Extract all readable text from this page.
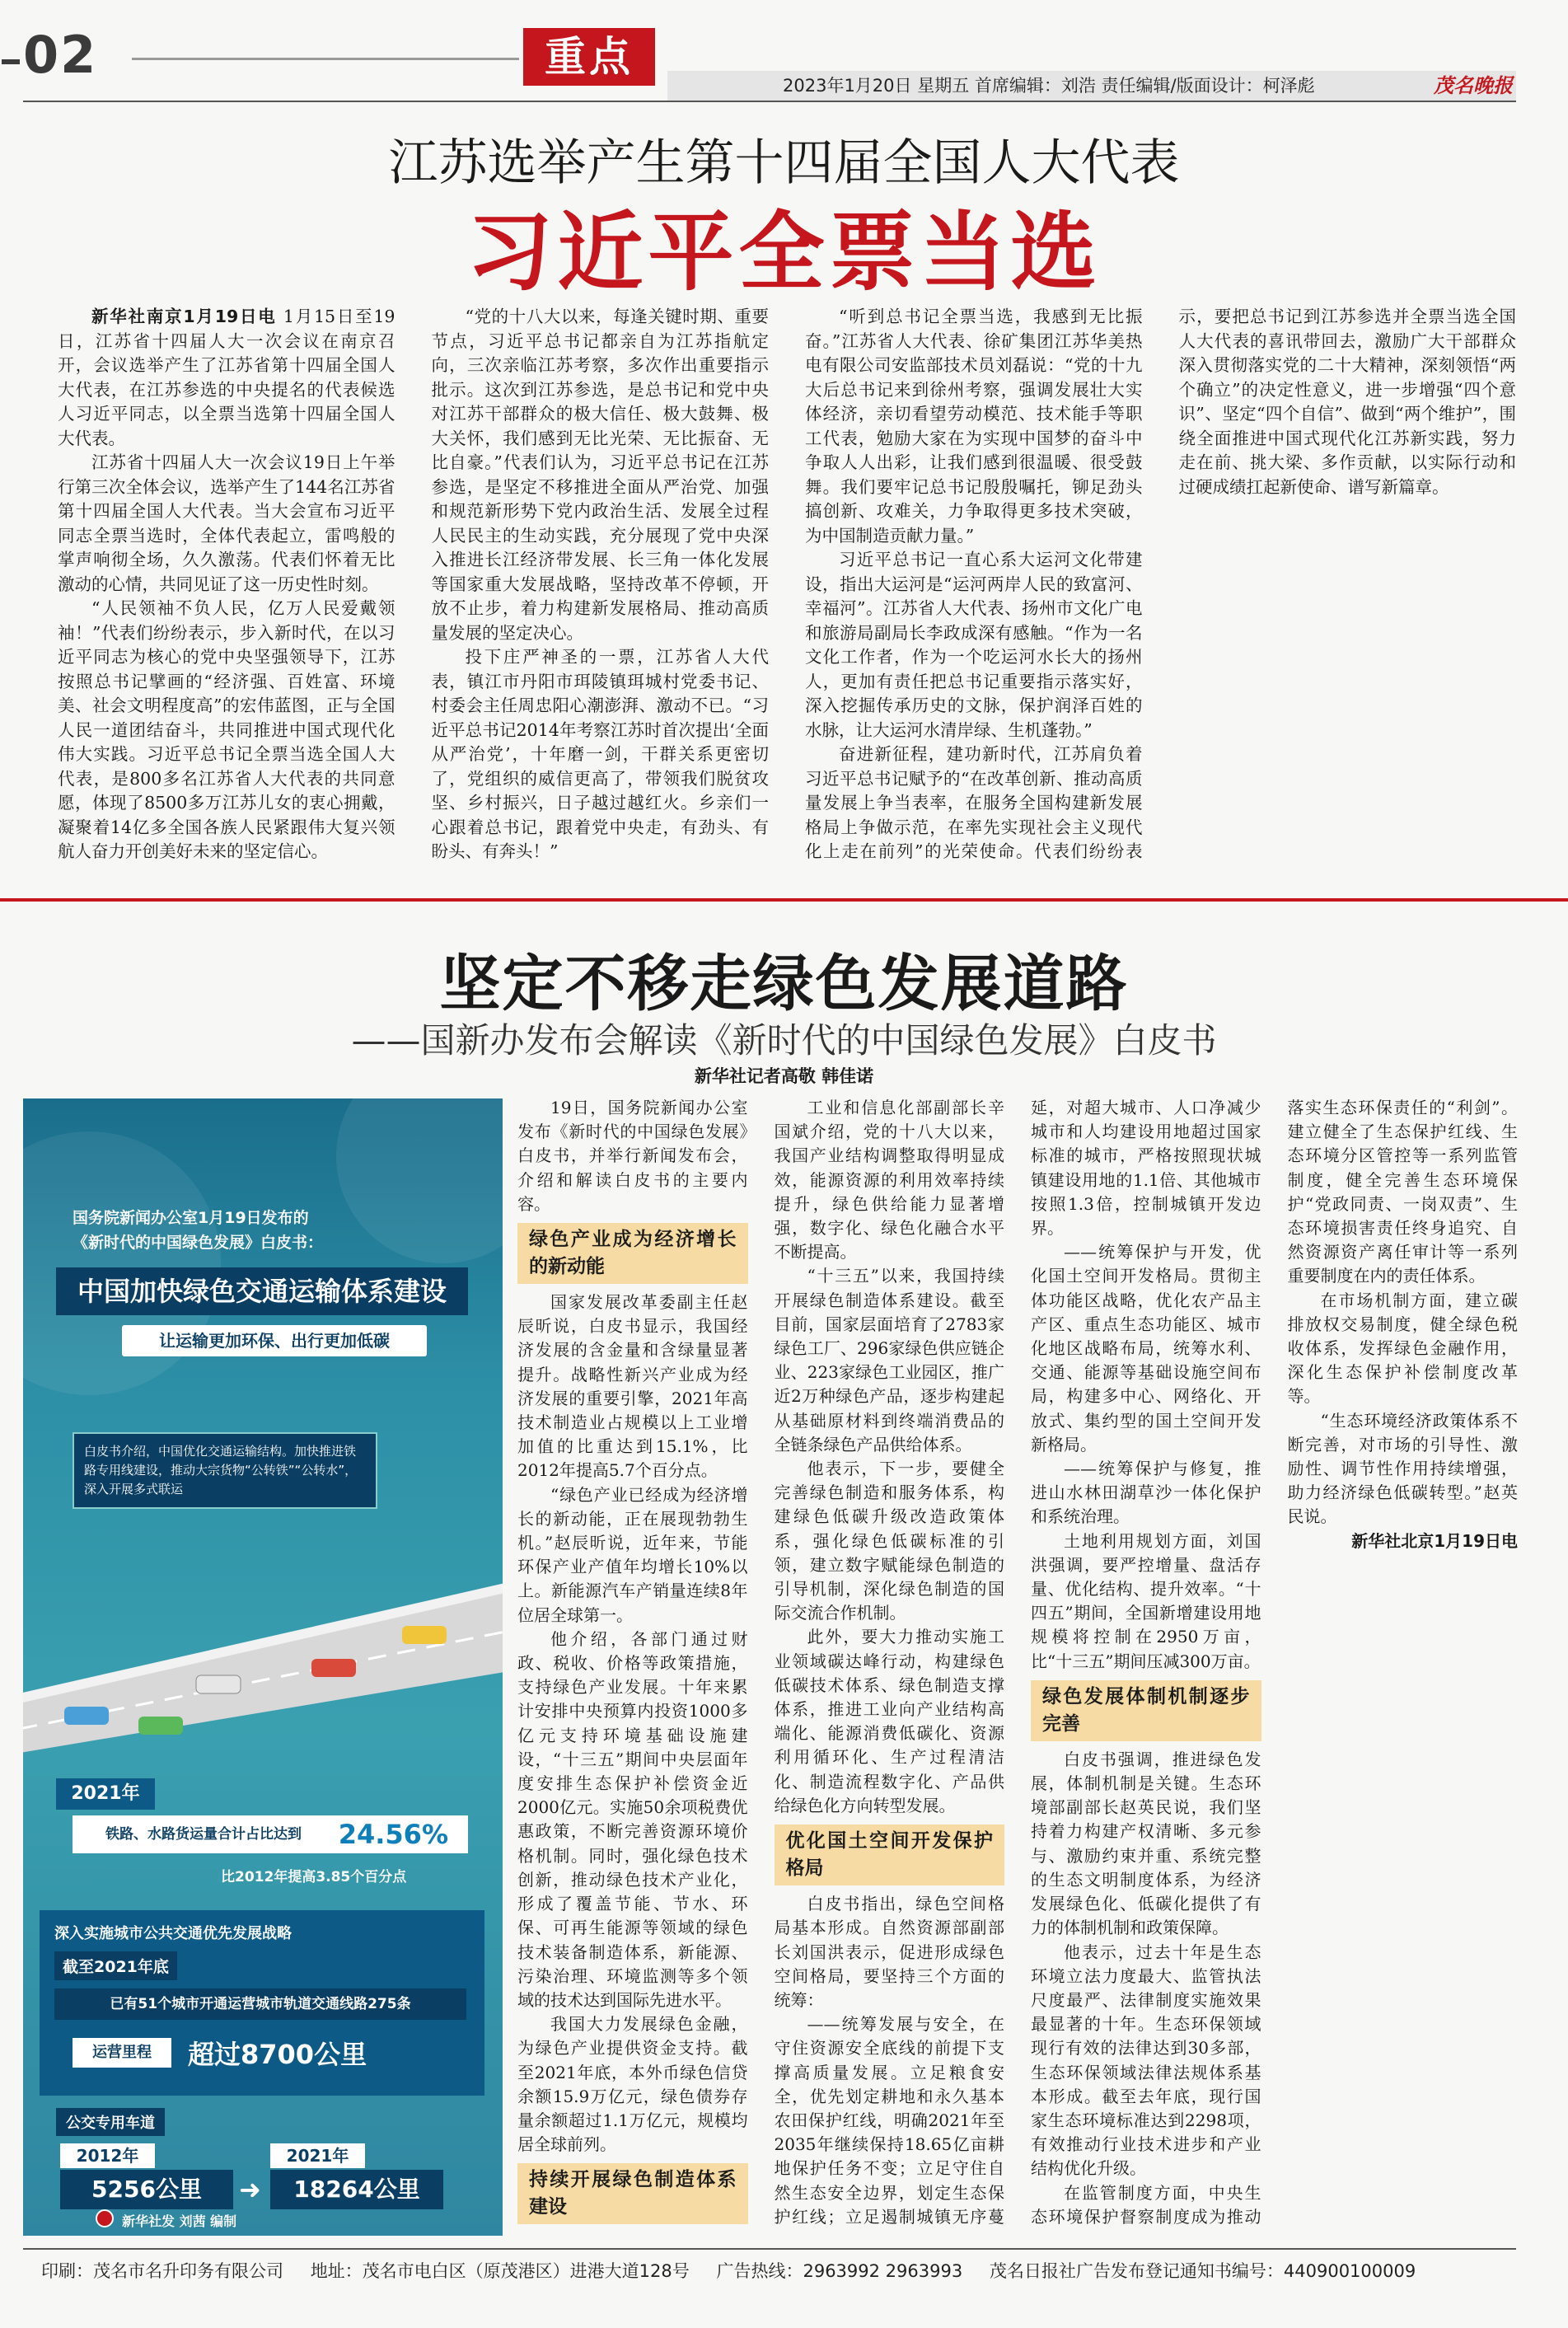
02	重点
2023年1月20日 星期五 首席编辑：刘浩 责任编辑/版面设计：柯泽彪	茂名晚报
江苏选举产生第十四届全国人大代表
习近平全票当选

新华社南京1月19日电 1月15日至19日，江苏省十四届人大一次会议在南京召开，会议选举产生了江苏省第十四届全国人大代表，在江苏参选的中央提名的代表候选人习近平同志，以全票当选第十四届全国人大代表。

江苏省十四届人大一次会议19日上午举行第三次全体会议，选举产生了144名江苏省第十四届全国人大代表。当大会宣布习近平同志全票当选时，全体代表起立，雷鸣般的掌声响彻全场，久久激荡。代表们怀着无比激动的心情，共同见证了这一历史性时刻。

“人民领袖不负人民，亿万人民爱戴领袖！”代表们纷纷表示，步入新时代，在以习近平同志为核心的党中央坚强领导下，江苏按照总书记擘画的“经济强、百姓富、环境美、社会文明程度高”的宏伟蓝图，正与全国人民一道团结奋斗，共同推进中国式现代化伟大实践。习近平总书记全票当选全国人大代表，是800多名江苏省人大代表的共同意愿，体现了8500多万江苏儿女的衷心拥戴，凝聚着14亿多全国各族人民紧跟伟大复兴领航人奋力开创美好未来的坚定信心。

“党的十八大以来，每逢关键时期、重要节点，习近平总书记都亲自为江苏指航定向，三次亲临江苏考察，多次作出重要指示批示。这次到江苏参选，是总书记和党中央对江苏干部群众的极大信任、极大鼓舞、极大关怀，我们感到无比光荣、无比振奋、无比自豪。”代表们认为，习近平总书记在江苏参选，是坚定不移推进全面从严治党、加强和规范新形势下党内政治生活、发展全过程人民民主的生动实践，充分展现了党中央深入推进长江经济带发展、长三角一体化发展等国家重大发展战略，坚持改革不停顿，开放不止步，着力构建新发展格局、推动高质量发展的坚定决心。

投下庄严神圣的一票，江苏省人大代表，镇江市丹阳市珥陵镇珥城村党委书记、村委会主任周忠阳心潮澎湃、激动不已。“习近平总书记2014年考察江苏时首次提出‘全面从严治党’，十年磨一剑，干群关系更密切了，党组织的威信更高了，带领我们脱贫攻坚、乡村振兴，日子越过越红火。乡亲们一心跟着总书记，跟着党中央走，有劲头、有盼头、有奔头！”

“听到总书记全票当选，我感到无比振奋。”江苏省人大代表、徐矿集团江苏华美热电有限公司安监部技术员刘磊说：“党的十九大后总书记来到徐州考察，强调发展壮大实体经济，亲切看望劳动模范、技术能手等职工代表，勉励大家在为实现中国梦的奋斗中争取人人出彩，让我们感到很温暖、很受鼓舞。我们要牢记总书记殷殷嘱托，铆足劲头搞创新、攻难关，力争取得更多技术突破，为中国制造贡献力量。”

习近平总书记一直心系大运河文化带建设，指出大运河是“运河两岸人民的致富河、幸福河”。江苏省人大代表、扬州市文化广电和旅游局副局长李政成深有感触。“作为一名文化工作者，作为一个吃运河水长大的扬州人，更加有责任把总书记重要指示落实好，深入挖掘传承历史的文脉，保护润泽百姓的水脉，让大运河水清岸绿、生机蓬勃。”

奋进新征程，建功新时代，江苏肩负着习近平总书记赋予的“在改革创新、推动高质量发展上争当表率，在服务全国构建新发展格局上争做示范，在率先实现社会主义现代化上走在前列”的光荣使命。代表们纷纷表示，要把总书记到江苏参选并全票当选全国人大代表的喜讯带回去，激励广大干部群众深入贯彻落实党的二十大精神，深刻领悟“两个确立”的决定性意义，进一步增强“四个意识”、坚定“四个自信”、做到“两个维护”，围绕全面推进中国式现代化江苏新实践，努力走在前、挑大梁、多作贡献，以实际行动和过硬成绩扛起新使命、谱写新篇章。

坚定不移走绿色发展道路
——国新办发布会解读《新时代的中国绿色发展》白皮书
新华社记者高敬 韩佳诺
国务院新闻办公室1月19日发布的
《新时代的中国绿色发展》白皮书：
中国加快绿色交通运输体系建设
让运输更加环保、出行更加低碳
白皮书介绍，中国优化交通运输结构。加快推进铁路专用线建设，推动大宗货物“公转铁”“公转水”，深入开展多式联运
2021年
铁路、水路货运量合计占比达到 24.56%
比2012年提高3.85个百分点
深入实施城市公共交通优先发展战略
截至2021年底
已有51个城市开通运营城市轨道交通线路275条
运营里程	超过8700公里
公交专用车道
2012年
5256公里	➜
2021年
18264公里
新华社发 刘茜 编制

19日，国务院新闻办公室发布《新时代的中国绿色发展》白皮书，并举行新闻发布会，介绍和解读白皮书的主要内容。

绿色产业成为经济增长的新动能

国家发展改革委副主任赵辰昕说，白皮书显示，我国经济发展的含金量和含绿量显著提升。战略性新兴产业成为经济发展的重要引擎，2021年高技术制造业占规模以上工业增加值的比重达到15.1%，比2012年提高5.7个百分点。

“绿色产业已经成为经济增长的新动能，正在展现勃勃生机。”赵辰昕说，近年来，节能环保产业产值年均增长10%以上。新能源汽车产销量连续8年位居全球第一。

他介绍，各部门通过财政、税收、价格等政策措施，支持绿色产业发展。十年来累计安排中央预算内投资1000多亿元支持环境基础设施建设，“十三五”期间中央层面年度安排生态保护补偿资金近2000亿元。实施50余项税费优惠政策，不断完善资源环境价格机制。同时，强化绿色技术创新，推动绿色技术产业化，形成了覆盖节能、节水、环保、可再生能源等领域的绿色技术装备制造体系，新能源、污染治理、环境监测等多个领域的技术达到国际先进水平。

我国大力发展绿色金融，为绿色产业提供资金支持。截至2021年底，本外币绿色信贷余额15.9万亿元，绿色债券存量余额超过1.1万亿元，规模均居全球前列。

持续开展绿色制造体系建设

工业和信息化部副部长辛国斌介绍，党的十八大以来，我国产业结构调整取得明显成效，能源资源的利用效率持续提升，绿色供给能力显著增强，数字化、绿色化融合水平不断提高。

“十三五”以来，我国持续开展绿色制造体系建设。截至目前，国家层面培育了2783家绿色工厂、296家绿色供应链企业、223家绿色工业园区，推广近2万种绿色产品，逐步构建起从基础原材料到终端消费品的全链条绿色产品供给体系。

他表示，下一步，要健全完善绿色制造和服务体系，构建绿色低碳升级改造政策体系，强化绿色低碳标准的引领，建立数字赋能绿色制造的引导机制，深化绿色制造的国际交流合作机制。

此外，要大力推动实施工业领域碳达峰行动，构建绿色低碳技术体系、绿色制造支撑体系，推进工业向产业结构高端化、能源消费低碳化、资源利用循环化、生产过程清洁化、制造流程数字化、产品供给绿色化方向转型发展。

优化国土空间开发保护格局

白皮书指出，绿色空间格局基本形成。自然资源部副部长刘国洪表示，促进形成绿色空间格局，要坚持三个方面的统筹：

——统筹发展与安全，在守住资源安全底线的前提下支撑高质量发展。立足粮食安全，优先划定耕地和永久基本农田保护红线，明确2021年至2035年继续保持18.65亿亩耕地保护任务不变；立足守住自然生态安全边界，划定生态保护红线；立足遏制城镇无序蔓延，对超大城市、人口净减少城市和人均建设用地超过国家标准的城市，严格按照现状城镇建设用地的1.1倍、其他城市按照1.3倍，控制城镇开发边界。

——统筹保护与开发，优化国土空间开发格局。贯彻主体功能区战略，优化农产品主产区、重点生态功能区、城市化地区战略布局，统筹水利、交通、能源等基础设施空间布局，构建多中心、网络化、开放式、集约型的国土空间开发新格局。

——统筹保护与修复，推进山水林田湖草沙一体化保护和系统治理。

土地利用规划方面，刘国洪强调，要严控增量、盘活存量、优化结构、提升效率。“十四五”期间，全国新增建设用地规模将控制在2950万亩，比“十三五”期间压减300万亩。

绿色发展体制机制逐步完善

白皮书强调，推进绿色发展，体制机制是关键。生态环境部副部长赵英民说，我们坚持着力构建产权清晰、多元参与、激励约束并重、系统完整的生态文明制度体系，为经济发展绿色化、低碳化提供了有力的体制机制和政策保障。

他表示，过去十年是生态环境立法力度最大、监管执法尺度最严、法律制度实施效果最显著的十年。生态环保领域现行有效的法律达到30多部，生态环保领域法律法规体系基本形成。截至去年底，现行国家生态环境标准达到2298项，有效推动行业技术进步和产业结构优化升级。

在监管制度方面，中央生态环境保护督察制度成为推动落实生态环保责任的“利剑”。建立健全了生态保护红线、生态环境分区管控等一系列监管制度，健全完善生态环境保护“党政同责、一岗双责”、生态环境损害责任终身追究、自然资源资产离任审计等一系列重要制度在内的责任体系。

在市场机制方面，建立碳排放权交易制度，健全绿色税收体系，发挥绿色金融作用，深化生态保护补偿制度改革等。

“生态环境经济政策体系不断完善，对市场的引导性、激励性、调节性作用持续增强，助力经济绿色低碳转型。”赵英民说。

新华社北京1月19日电

印刷：茂名市名升印务有限公司 地址：茂名市电白区（原茂港区）进港大道128号 广告热线：2963992 2963993 茂名日报社广告发布登记通知书编号：440900100009
